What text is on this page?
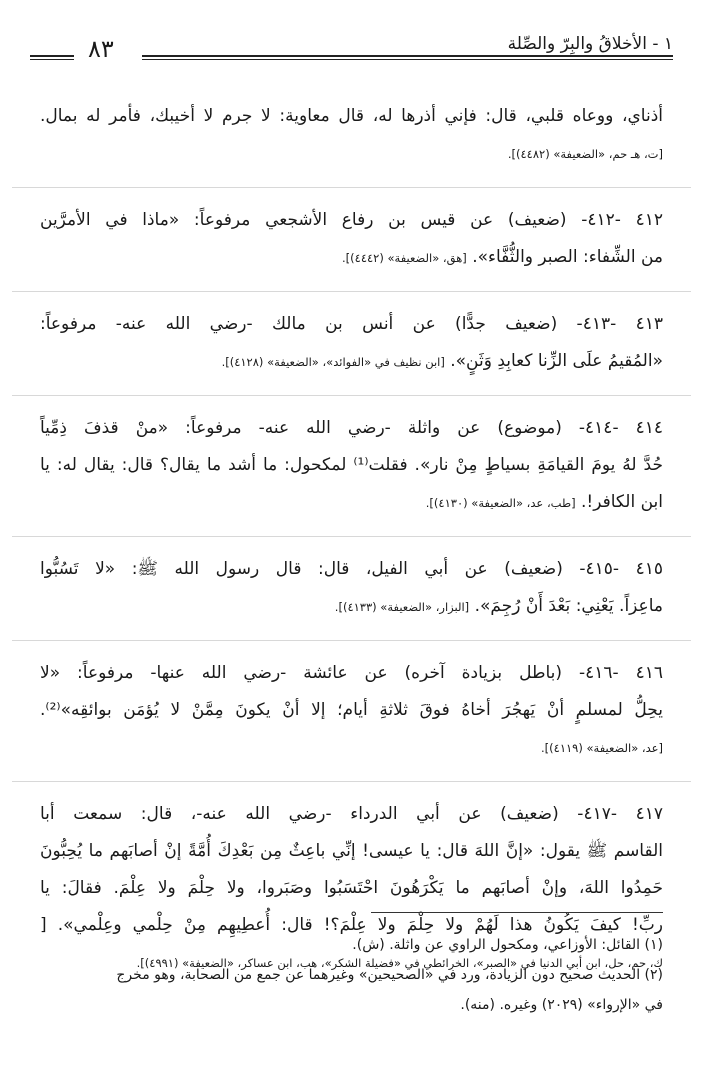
١ - الأخلاقُ والبِرّ والصِّلة
٨٣
أذناي، ووعاه قلبي، قال: فإني أذرها له، قال معاوية: لا جرم لا أخيبك، فأمر له بمال.
[ت، هـ حم، «الضعيفة» (٤٤٨٢)].
٤١٢ -٤١٢- (ضعيف) عن قيس بن رفاع الأشجعي مرفوعاً: «ماذا في الأمرَّين
من الشِّفاء: الصبر والثُّفَّاء». [هق، «الضعيفة» (٤٤٤٢)].
٤١٣ -٤١٣- (ضعيف جدًّا) عن أنس بن مالك -رضي الله عنه- مرفوعاً:
«المُقيمُ علَى الزِّنا كعابِدِ وَثَنٍ». [ابن نظيف في «الفوائد»، «الضعيفة» (٤١٢٨)].
٤١٤ -٤١٤- (موضوع) عن واثلة -رضي الله عنه- مرفوعاً: «منْ قذفَ ذِمِّياً
حُدَّ لهُ يومَ القيامَةِ بسياطٍ مِنْ نار». فقلت⁽¹⁾ لمكحول: ما أشد ما يقال؟ قال: يقال له: يا
ابن الكافر!. [طب، عد، «الضعيفة» (٤١٣٠)].
٤١٥ -٤١٥- (ضعيف) عن أبي الفيل، قال: قال رسول الله ﷺ: «لا تَسُبُّوا
ماعِزاً. يَعْنِي: بَعْدَ أَنْ رُجِمَ». [البزار، «الضعيفة» (٤١٣٣)].
٤١٦ -٤١٦- (باطل بزيادة آخره) عن عائشة -رضي الله عنها- مرفوعاً: «لا
يحِلُّ لمسلمٍ أنْ يَهجُرَ أخاهُ فوقَ ثلاثةِ أيام؛ إلا أنْ يكونَ مِمَّنْ لا يُؤمَن بوائقِه»⁽²⁾.
[عد، «الضعيفة» (٤١١٩)].
٤١٧ -٤١٧- (ضعيف) عن أبي الدرداء -رضي الله عنه-، قال: سمعت أبا
القاسم ﷺ يقول: «إنَّ اللهَ قال: يا عيسى! إنِّي باعِثٌ مِن بَعْدِكَ أُمَّةً إنْ أصابَهم ما يُحِبُّونَ
حَمِدُوا اللهَ، وإنْ أصابَهم ما يَكْرَهُونَ احْتَسَبُوا وصَبَروا، ولا حِلْمَ ولا عِلْمَ. فقالَ: يا
ربِّ! كيفَ يَكُونُ هذا لَهُمْ ولا حِلْمَ ولا عِلْمَ؟! قال: أُعطِيهِم مِنْ حِلْمي وعِلْمي». [
ك، حم، حل، ابن أبي الدنيا في «الصبر»، الخرائطي في «فضيلة الشكر»، هب، ابن عساكر، «الضعيفة» (٤٩٩١)].

(١) القائل: الأوزاعي، ومكحول الراوي عن واثلة. (ش).

(٢) الحديث صحيح دون الزيادة، ورد في «الصحيحين» وغيرهما عن جمع من الصحابة، وهو مخرج

في «الإرواء» (٢٠٢٩) وغيره. (منه).
